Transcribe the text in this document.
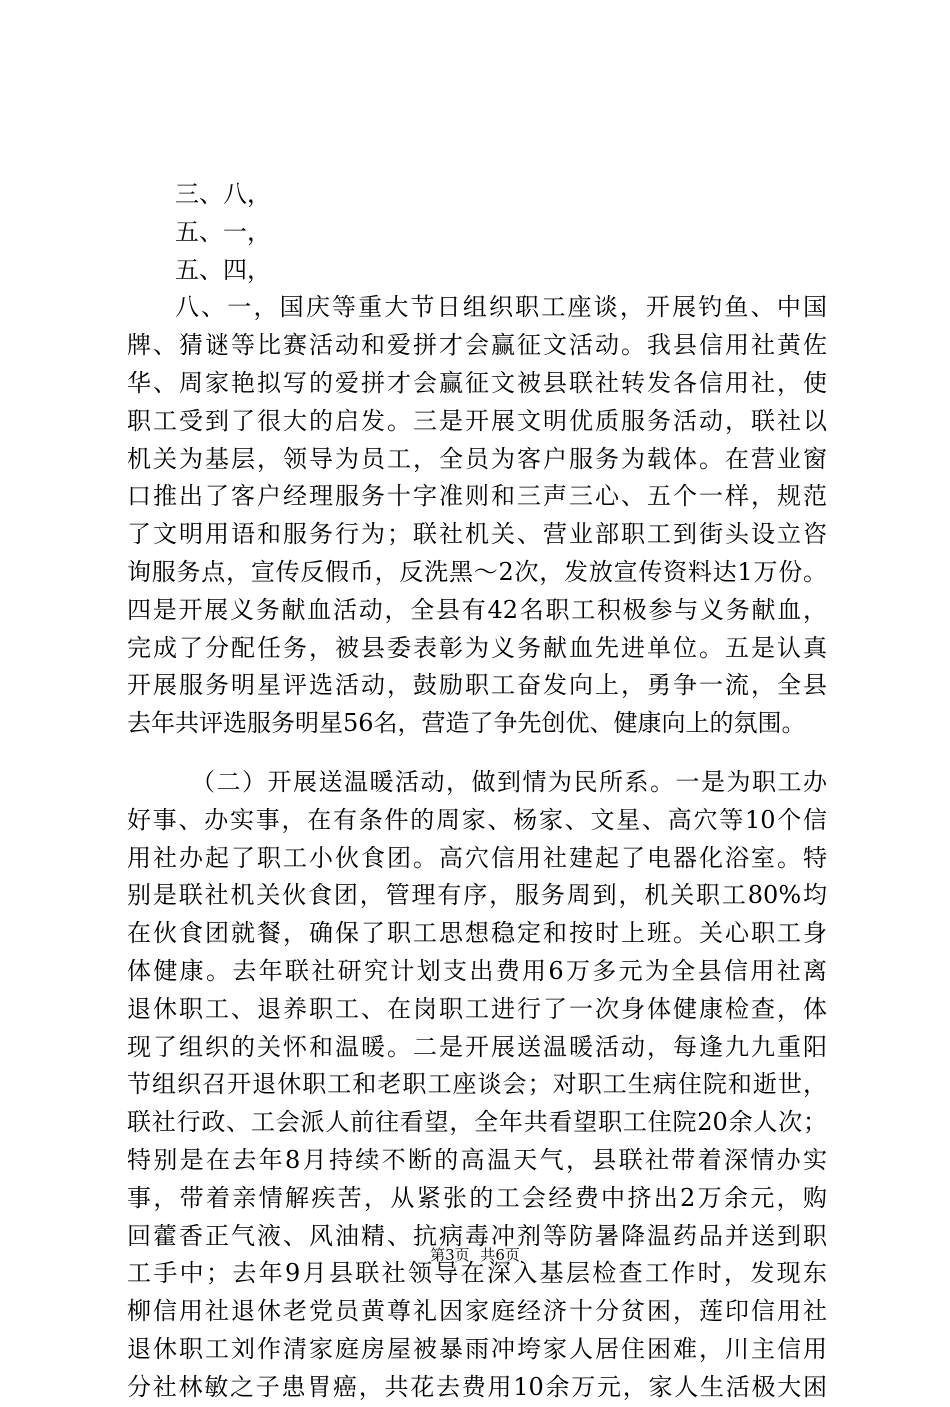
三、八，
五、一，
五、四，
八、一，国庆等重大节日组织职工座谈，开展钓鱼、中国
牌、猜谜等比赛活动和爱拼才会赢征文活动。我县信用社黄佐
华、周家艳拟写的爱拼才会赢征文被县联社转发各信用社，使
职工受到了很大的启发。三是开展文明优质服务活动，联社以
机关为基层，领导为员工，全员为客户服务为载体。在营业窗
口推出了客户经理服务十字准则和三声三心、五个一样，规范
了文明用语和服务行为；联社机关、营业部职工到街头设立咨
询服务点，宣传反假币，反洗黑～2次，发放宣传资料达1万份。
四是开展义务献血活动，全县有42名职工积极参与义务献血，
完成了分配任务，被县委表彰为义务献血先进单位。五是认真
开展服务明星评选活动，鼓励职工奋发向上，勇争一流，全县
去年共评选服务明星56名，营造了争先创优、健康向上的氛围。
（二）开展送温暖活动，做到情为民所系。一是为职工办
好事、办实事，在有条件的周家、杨家、文星、高穴等10个信
用社办起了职工小伙食团。高穴信用社建起了电器化浴室。特
别是联社机关伙食团，管理有序，服务周到，机关职工80%均
在伙食团就餐，确保了职工思想稳定和按时上班。关心职工身
体健康。去年联社研究计划支出费用6万多元为全县信用社离
退休职工、退养职工、在岗职工进行了一次身体健康检查，体
现了组织的关怀和温暖。二是开展送温暖活动，每逢九九重阳
节组织召开退休职工和老职工座谈会；对职工生病住院和逝世，
联社行政、工会派人前往看望，全年共看望职工住院20余人次；
特别是在去年8月持续不断的高温天气，县联社带着深情办实
事，带着亲情解疾苦，从紧张的工会经费中挤出2万余元，购
回藿香正气液、风油精、抗病毒冲剂等防暑降温药品并送到职
工手中；去年9月县联社领导在深入基层检查工作时，发现东
柳信用社退休老党员黄尊礼因家庭经济十分贫困，莲印信用社
退休职工刘作清家庭房屋被暴雨冲垮家人居住困难，川主信用
分社林敏之子患胃癌，共花去费用10余万元，家人生活极大困
第3页 共6页
